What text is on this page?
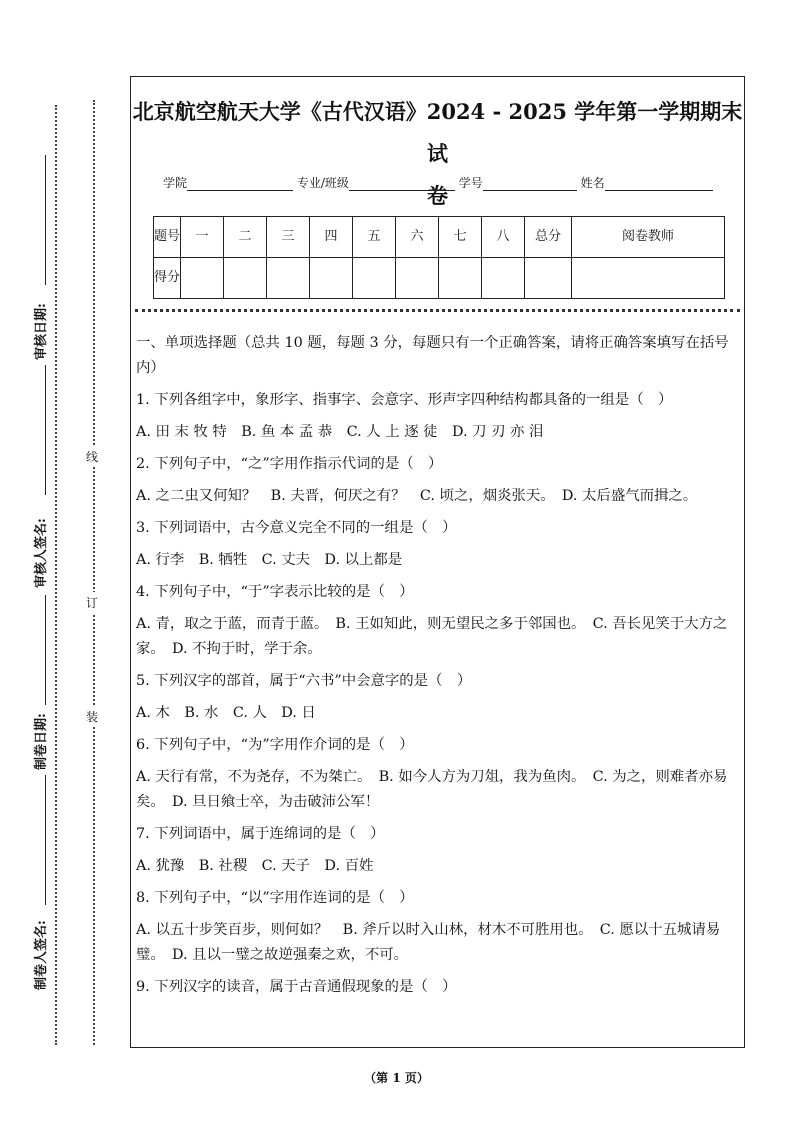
审核日期:
审核人签名:
制卷日期:
制卷人签名:
线
订
装
北京航空航天大学《古代汉语》2024 - 2025 学年第一学期期末试
卷
学院	专业/班级	学号	姓名
题号	一	二	三	四	五	六	七	八	总分	阅卷教师
得分										

一、单项选择题（总共 10 题，每题 3 分，每题只有一个正确答案，请将正确答案填写在括号内）

1. 下列各组字中，象形字、指事字、会意字、形声字四种结构都具备的一组是（　）

A. 田 末 牧 特　B. 鱼 本 孟 恭　C. 人 上 逐 徒　D. 刀 刃 亦 泪

2. 下列句子中，“之”字用作指示代词的是（　）

A. 之二虫又何知？　B. 夫晋，何厌之有？　C. 顷之，烟炎张天。　D. 太后盛气而揖之。

3. 下列词语中，古今意义完全不同的一组是（　）

A. 行李　B. 牺牲　C. 丈夫　D. 以上都是

4. 下列句子中，“于”字表示比较的是（　）

A. 青，取之于蓝，而青于蓝。　B. 王如知此，则无望民之多于邻国也。　C. 吾长见笑于大方之家。　D. 不拘于时，学于余。

5. 下列汉字的部首，属于“六书”中会意字的是（　）

A. 木　B. 水　C. 人　D. 日

6. 下列句子中，“为”字用作介词的是（　）

A. 天行有常，不为尧存，不为桀亡。　B. 如今人方为刀俎，我为鱼肉。　C. 为之，则难者亦易矣。　D. 旦日飨士卒，为击破沛公军！

7. 下列词语中，属于连绵词的是（　）

A. 犹豫　B. 社稷　C. 天子　D. 百姓

8. 下列句子中，“以”字用作连词的是（　）

A. 以五十步笑百步，则何如？　B. 斧斤以时入山林，材木不可胜用也。　C. 愿以十五城请易璧。　D. 且以一璧之故逆强秦之欢，不可。

9. 下列汉字的读音，属于古音通假现象的是（　）

（第 1 页）
